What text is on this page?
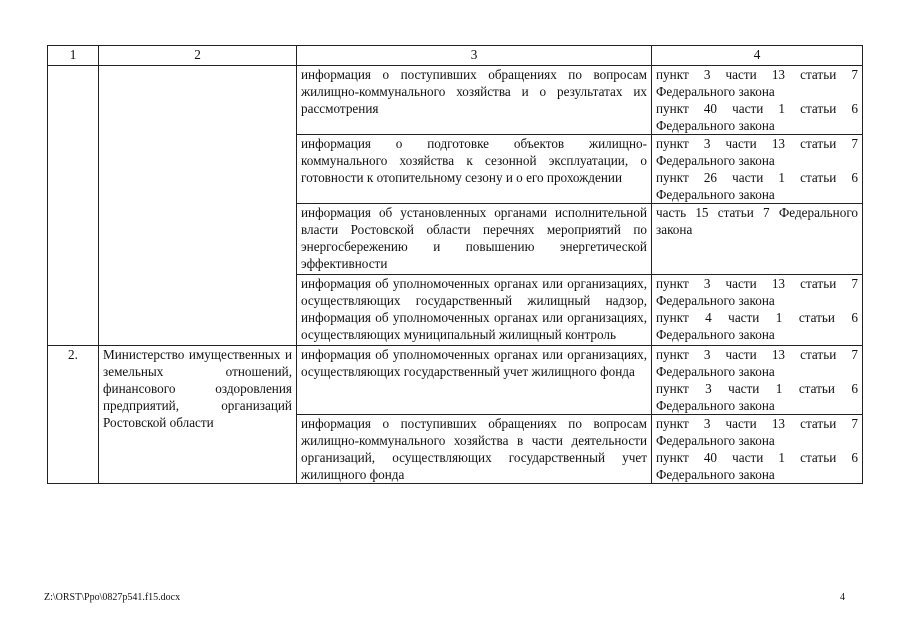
1	2	3	4
		информация о поступивших обращениях по вопросам жилищно-коммунального хозяйства и о результатах их рассмотрения	пункт 3 части 13 статьи 7 Федерального закона
пункт 40 части 1 статьи 6 Федерального закона

		информация о подготовке объектов жилищно-коммунального хозяйства к сезонной эксплуатации, о готовности к отопительному сезону и о его прохождении	пункт 3 части 13 статьи 7 Федерального закона
пункт 26 части 1 статьи 6 Федерального закона

		информация об установленных органами исполнительной власти Ростовской области перечнях мероприятий по энергосбережению и повышению энергетической эффективности	часть 15 статьи 7 Федерального закона

		информация об уполномоченных органах или организациях, осуществляющих государственный жилищный надзор, информация об уполномоченных органах или организациях, осуществляющих муниципальный жилищный контроль	пункт 3 части 13 статьи 7 Федерального закона
пункт 4 части 1 статьи 6 Федерального закона

2.	Министерство имущественных и земельных отношений, финансового оздоровления предприятий, организаций Ростовской области	информация об уполномоченных органах или организациях, осуществляющих государственный учет жилищного фонда	пункт 3 части 13 статьи 7 Федерального закона
пункт 3 части 1 статьи 6 Федерального закона

		информация о поступивших обращениях по вопросам жилищно-коммунального хозяйства в части деятельности организаций, осуществляющих государственный учет жилищного фонда	пункт 3 части 13 статьи 7 Федерального закона
пункт 40 части 1 статьи 6 Федерального закона
Z:\ORST\Ppo\0827p541.f15.docx	4
